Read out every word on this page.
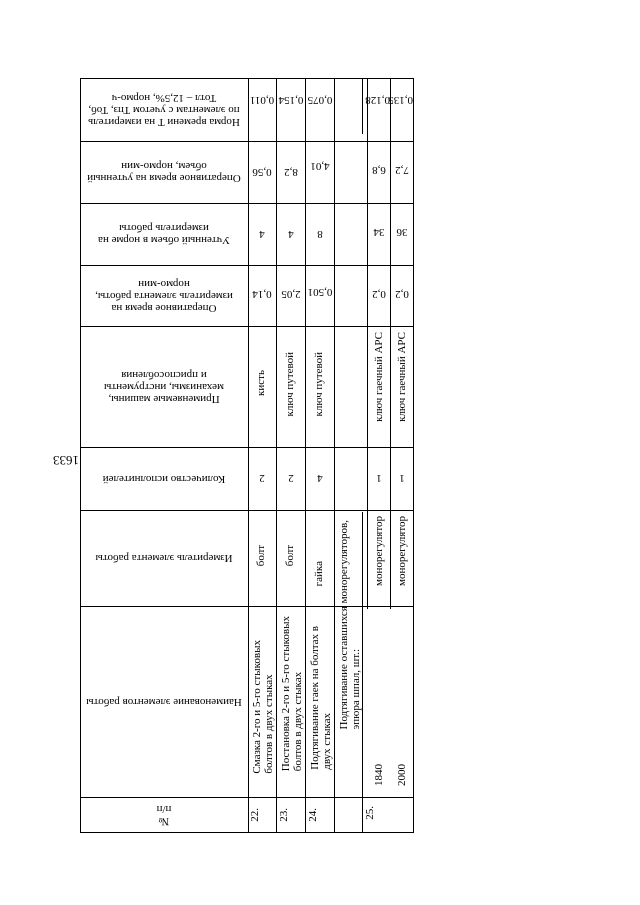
1633
Норма времени Т на измеритель
по элементам с учетом Тпз, Тоб,
Тотл – 12,5%, нормо-ч
Оперативное время на учтенный
объем, нормо-мин
Учтенный объем в норме на
измеритель работы
Оперативное время на
измеритель элемента работы,
нормо-мин
Применяемые машины,
механизмы, инструменты
и приспособления
Количество исполнителей
Измеритель элемента работы
Наименование элементов работы
№
п/п
0,011
0,56
4
0,14
кисть
2
болт
Смазка 2-го и 5-го стыковых
болтов в двух стыках
22.
0,154
8,2
4
2,05
ключ путевой
2
болт
Постановка 2-го и 5-го стыковых
болтов в двух стыках
23.
0,075
4,01
8
0,501
ключ путевой
4
гайка
Подтягивание гаек на болтах в
двух стыках
24.
Подтягивание оставшихся монорегуляторов,
эпюра шпал, шт.:
25.
0,128
6,8
34
0,2
ключ гаечный АРС
1
монорегулятор
1840
0,135
7,2
36
0,2
ключ гаечный АРС
1
монорегулятор
2000
